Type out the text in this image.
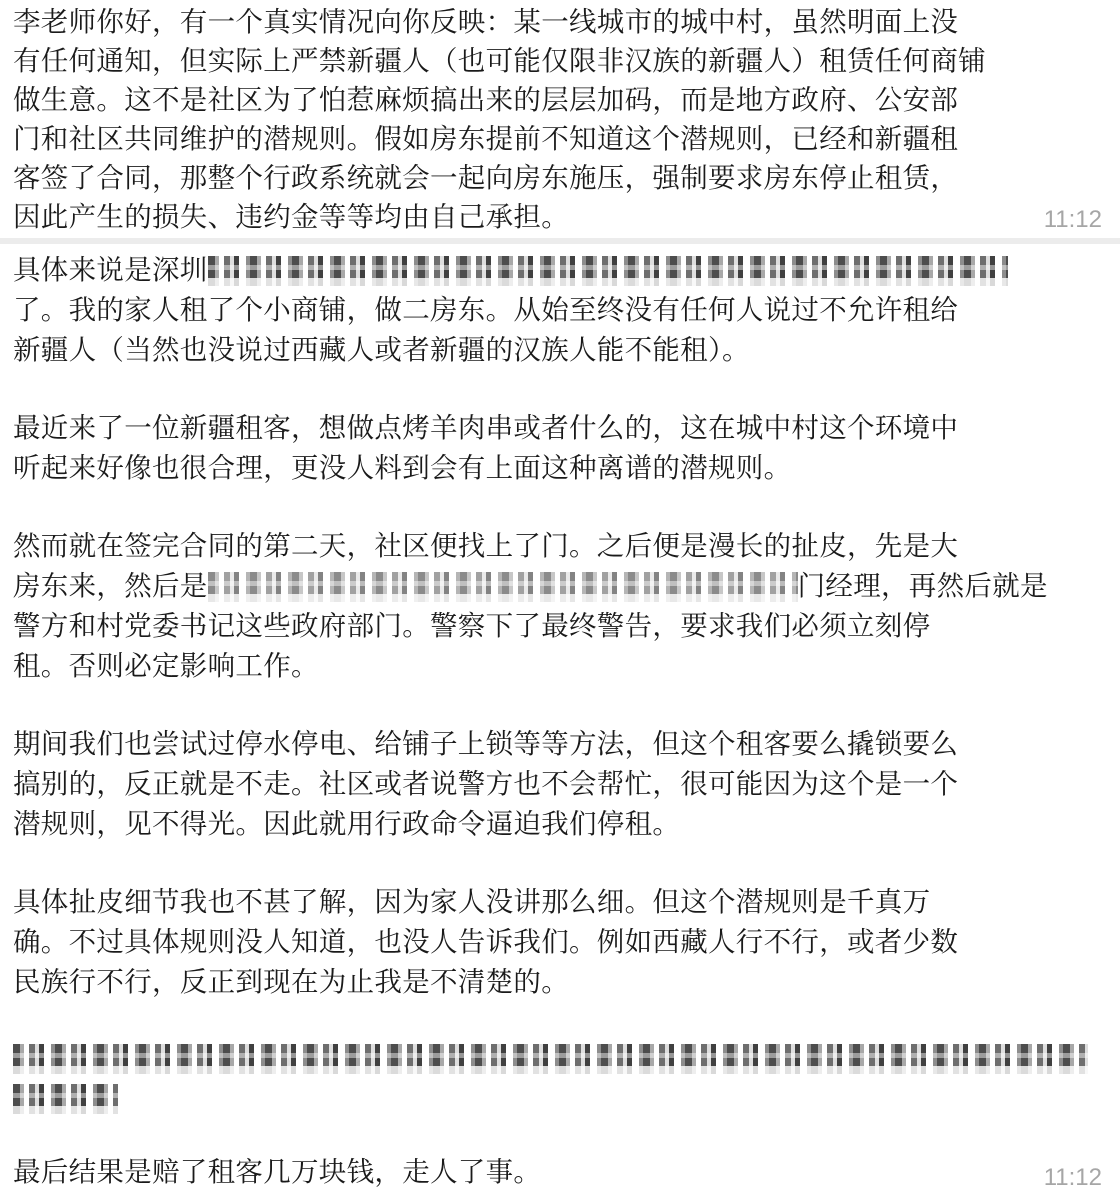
李老师你好，有一个真实情况向你反映：某一线城市的城中村，虽然明面上没
有任何通知，但实际上严禁新疆人（也可能仅限非汉族的新疆人）租赁任何商铺
做生意。这不是社区为了怕惹麻烦搞出来的层层加码，而是地方政府、公安部
门和社区共同维护的潜规则。假如房东提前不知道这个潜规则，已经和新疆租
客签了合同，那整个行政系统就会一起向房东施压，强制要求房东停止租赁，
因此产生的损失、违约金等等均由自己承担。	11:12
具体来说是深圳
了。我的家人租了个小商铺，做二房东。从始至终没有任何人说过不允许租给
新疆人（当然也没说过西藏人或者新疆的汉族人能不能租）。
最近来了一位新疆租客，想做点烤羊肉串或者什么的，这在城中村这个环境中
听起来好像也很合理，更没人料到会有上面这种离谱的潜规则。
然而就在签完合同的第二天，社区便找上了门。之后便是漫长的扯皮，先是大
房东来，然后是	门经理，再然后就是
警方和村党委书记这些政府部门。警察下了最终警告，要求我们必须立刻停
租。否则必定影响工作。
期间我们也尝试过停水停电、给铺子上锁等等方法，但这个租客要么撬锁要么
搞别的，反正就是不走。社区或者说警方也不会帮忙，很可能因为这个是一个
潜规则，见不得光。因此就用行政命令逼迫我们停租。
具体扯皮细节我也不甚了解，因为家人没讲那么细。但这个潜规则是千真万
确。不过具体规则没人知道，也没人告诉我们。例如西藏人行不行，或者少数
民族行不行，反正到现在为止我是不清楚的。
最后结果是赔了租客几万块钱，走人了事。	11:12
